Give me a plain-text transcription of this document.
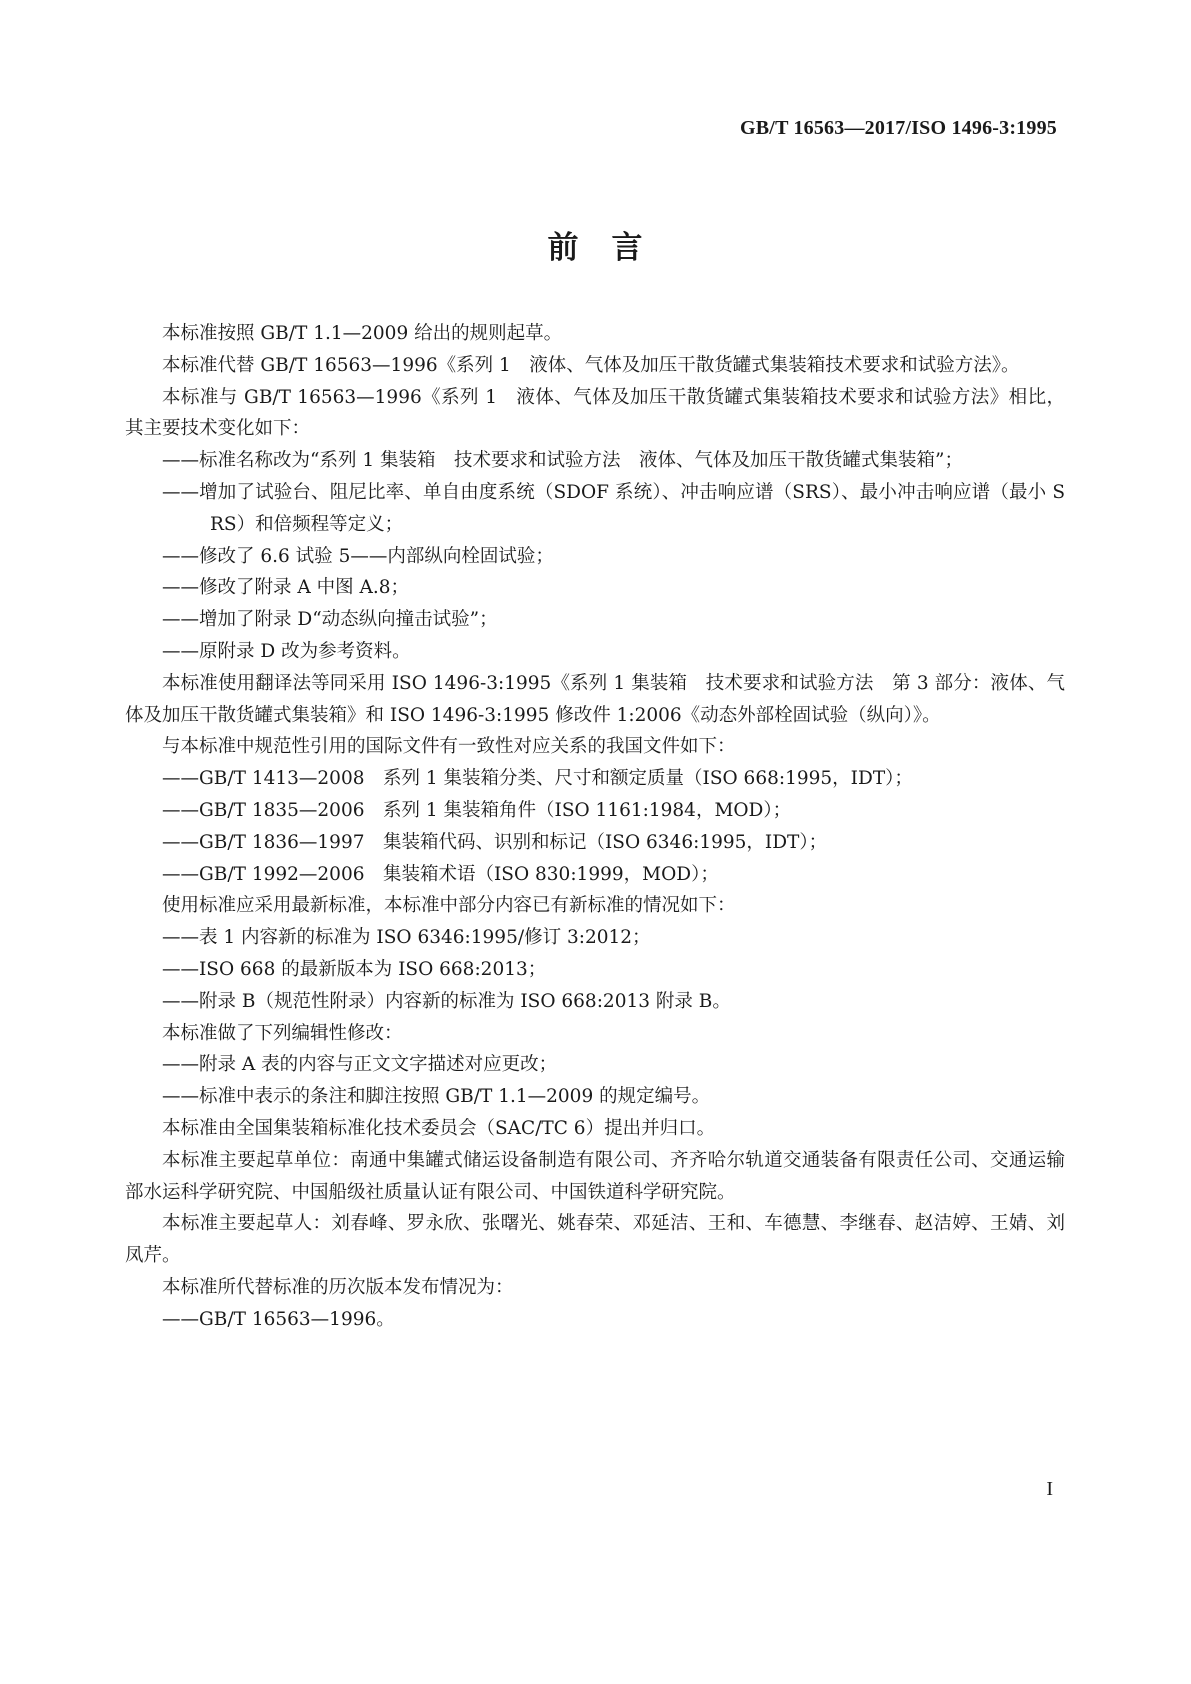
GB/T 16563—2017/ISO 1496-3:1995
前　言

本标准按照 GB/T 1.1—2009 给出的规则起草。

本标准代替 GB/T 16563—1996《系列 1　液体、气体及加压干散货罐式集装箱技术要求和试验方法》。

本标准与 GB/T 16563—1996《系列 1　液体、气体及加压干散货罐式集装箱技术要求和试验方法》相比，其主要技术变化如下：

——标准名称改为“系列 1 集装箱　技术要求和试验方法　液体、气体及加压干散货罐式集装箱”；

——增加了试验台、阻尼比率、单自由度系统（SDOF 系统）、冲击响应谱（SRS）、最小冲击响应谱（最小 SRS）和倍频程等定义；

——修改了 6.6 试验 5——内部纵向栓固试验；

——修改了附录 A 中图 A.8；

——增加了附录 D“动态纵向撞击试验”；

——原附录 D 改为参考资料。

本标准使用翻译法等同采用 ISO 1496-3:1995《系列 1 集装箱　技术要求和试验方法　第 3 部分：液体、气体及加压干散货罐式集装箱》和 ISO 1496-3:1995 修改件 1:2006《动态外部栓固试验（纵向）》。

与本标准中规范性引用的国际文件有一致性对应关系的我国文件如下：

——GB/T 1413—2008　系列 1 集装箱分类、尺寸和额定质量（ISO 668:1995，IDT）；

——GB/T 1835—2006　系列 1 集装箱角件（ISO 1161:1984，MOD）；

——GB/T 1836—1997　集装箱代码、识别和标记（ISO 6346:1995，IDT）；

——GB/T 1992—2006　集装箱术语（ISO 830:1999，MOD）；

使用标准应采用最新标准，本标准中部分内容已有新标准的情况如下：

——表 1 内容新的标准为 ISO 6346:1995/修订 3:2012；

——ISO 668 的最新版本为 ISO 668:2013；

——附录 B（规范性附录）内容新的标准为 ISO 668:2013 附录 B。

本标准做了下列编辑性修改：

——附录 A 表的内容与正文文字描述对应更改；

——标准中表示的条注和脚注按照 GB/T 1.1—2009 的规定编号。

本标准由全国集装箱标准化技术委员会（SAC/TC 6）提出并归口。

本标准主要起草单位：南通中集罐式储运设备制造有限公司、齐齐哈尔轨道交通装备有限责任公司、交通运输部水运科学研究院、中国船级社质量认证有限公司、中国铁道科学研究院。

本标准主要起草人：刘春峰、罗永欣、张曙光、姚春荣、邓延洁、王和、车德慧、李继春、赵洁婷、王婧、刘凤芹。

本标准所代替标准的历次版本发布情况为：

——GB/T 16563—1996。

I
